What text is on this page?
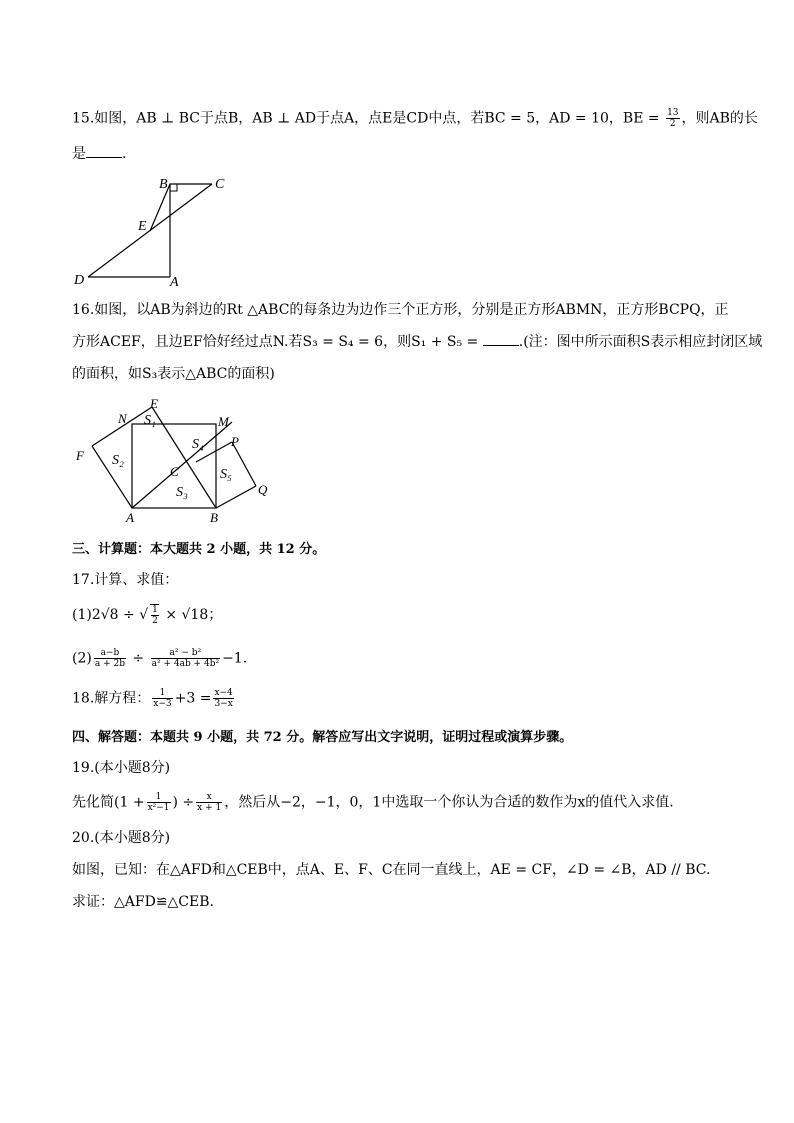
15.如图，AB ⊥ BC于点B，AB ⊥ AD于点A，点E是CD中点，若BC = 5，AD = 10，BE = $\frac{13}{2}$ ，则AB的长
是	.
B	C
E
D	A
16.如图，以AB为斜边的Rt △ABC的每条边为边作三个正方形，分别是正方形ABMN，正方形BCPQ，正
方形ACEF，且边EF恰好经过点N.若S₃ = S₄ = 6，则S₁ + S₅ =	.(注：图中所示面积S表示相应封闭区域
的面积，如S₃表示△ABC的面积)
N
E
M
P
F
C
Q
A	B
S₁
S₂
S₃
S₄
S₅
三、计算题：本大题共 2 小题，共 12 分。
17.计算、求值：
(1)2√8 ÷ √ $\frac{1}{2} \times √18$；
$(2) \frac{a-b}{a + 2b} \div \frac{\text{a² − b²}}{\text{a² + 4ab + 4b²}} -1$.
18.解方程： $\frac{1}{x-3} +3 = \frac{x-4}{3-x}$
四、解答题：本题共 9 小题，共 72 分。解答应写出文字说明，证明过程或演算步骤。
19.(本小题8分)
先化简($1 + \frac{1}{\text{x²−1}}$ ) ÷ $\frac{x}{x + 1}$ ，然后从−2，−1，0，1中选取一个你认为合适的数作为x的值代入求值.
20.(本小题8分)
如图，已知：在△AFD和△CEB中，点A、E、F、C在同一直线上，AE = CF，∠D = ∠B，AD // BC.
求证：△AFD≌△CEB.
